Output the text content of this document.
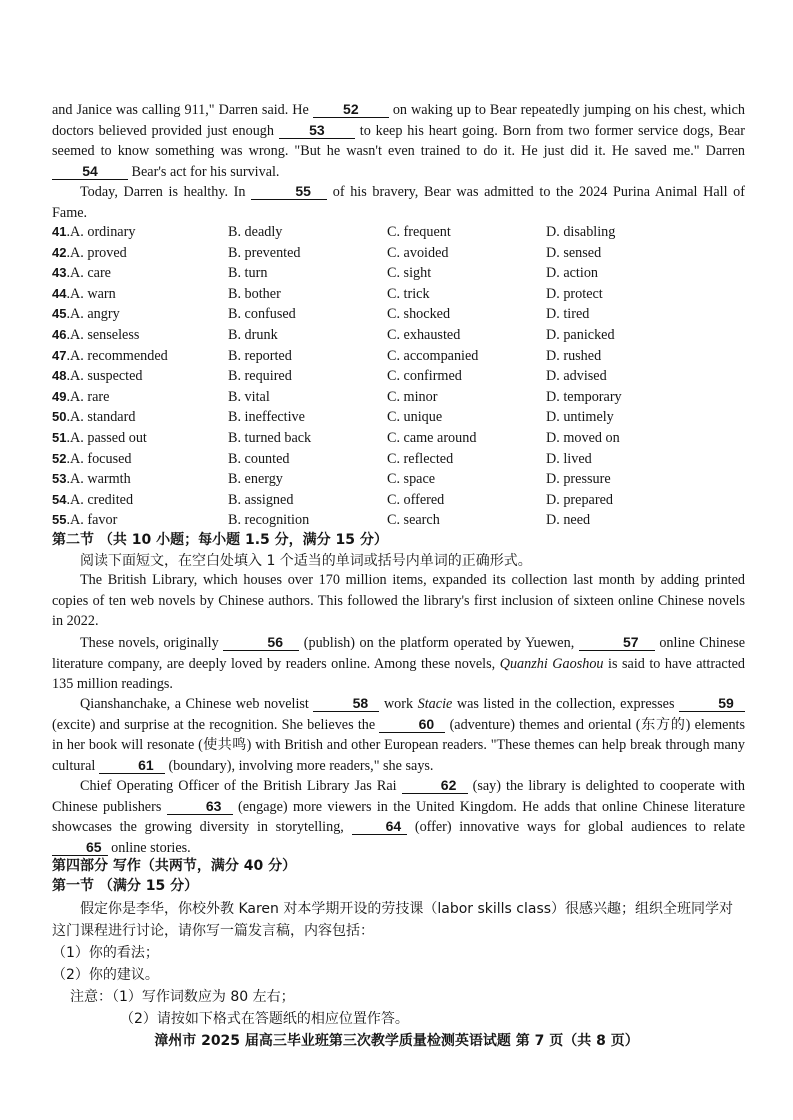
and Janice was calling 911," Darren said. He 52 on waking up to Bear repeatedly jumping on his chest, which doctors believed provided just enough	53 to keep his heart going. Born from two former service dogs, Bear seemed to know something was wrong. "But he wasn't even trained to do it. He just did it. He saved me." Darren 54 Bear's act for his survival.

Today, Darren is healthy. In	55 of his bravery, Bear was admitted to the 2024 Purina Animal Hall of Fame.

41.A. ordinary	B. deadly	C. frequent	D. disabling
42.A. proved	B. prevented	C. avoided	D. sensed
43.A. care	B. turn	C. sight	D. action
44.A. warn	B. bother	C. trick	D. protect
45.A. angry	B. confused	C. shocked	D. tired
46.A. senseless	B. drunk	C. exhausted	D. panicked
47.A. recommended	B. reported	C. accompanied	D. rushed
48.A. suspected	B. required	C. confirmed	D. advised
49.A. rare	B. vital	C. minor	D. temporary
50.A. standard	B. ineffective	C. unique	D. untimely
51.A. passed out	B. turned back	C. came around	D. moved on
52.A. focused	B. counted	C. reflected	D. lived
53.A. warmth	B. energy	C. space	D. pressure
54.A. credited	B. assigned	C. offered	D. prepared
55.A. favor	B. recognition	C. search	D. need
第二节 （共 10 小题；每小题 1.5 分，满分 15 分）
阅读下面短文，在空白处填入 1 个适当的单词或括号内单词的正确形式。

The British Library, which houses over 170 million items, expanded its collection last month by adding printed copies of ten web novels by Chinese authors. This followed the library's first inclusion of sixteen online Chinese novels in 2022.

These novels, originally	56 (publish) on the platform operated by Yuewen,	57 online Chinese literature company, are deeply loved by readers online. Among these novels, Quanzhi Gaoshou is said to have attracted 135 million readings.

Qianshanchake, a Chinese web novelist	58 work Stacie was listed in the collection, expresses	59 (excite) and surprise at the recognition. She believes the	60 (adventure) themes and oriental (东方的) elements in her book will resonate (使共鸣) with British and other European readers. "These themes can help break through many cultural	61 (boundary), involving more readers," she says.

Chief Operating Officer of the British Library Jas Rai	62 (say) the library is delighted to cooperate with Chinese publishers	63 (engage) more viewers in the United Kingdom. He adds that online Chinese literature showcases the growing diversity in storytelling,	64 (offer) innovative ways for global audiences to relate 65 online stories.

第四部分 写作（共两节，满分 40 分）
第一节 （满分 15 分）
假定你是李华，你校外教 Karen 对本学期开设的劳技课（labor skills class）很感兴趣；组织全班同学对这门课程进行讨论，请你写一篇发言稿，内容包括：
（1）你的看法；
（2）你的建议。
注意：（1）写作词数应为 80 左右；
（2）请按如下格式在答题纸的相应位置作答。
漳州市 2025 届高三毕业班第三次教学质量检测英语试题 第 7 页（共 8 页）
